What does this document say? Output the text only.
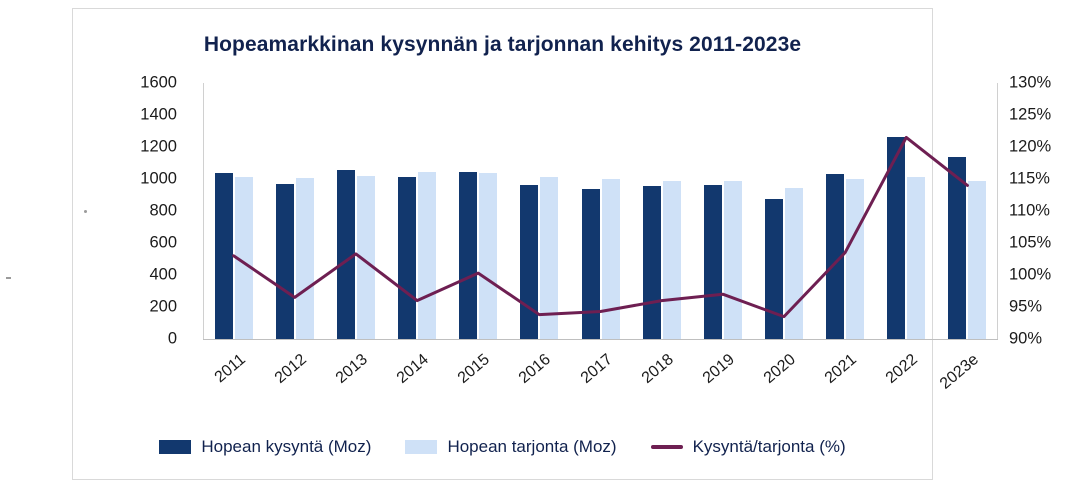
Hopeamarkkinan kysynnän ja tarjonnan kehitys 2011-2023e
0
200
400
600
800
1000
1200
1400
1600
90%
95%
100%
105%
110%
115%
120%
125%
130%
2011	2012	2013	2014	2015	2016	2017	2018	2019	2020	2021	2022	2023e
Hopean kysyntä (Moz)	Hopean tarjonta (Moz)	Kysyntä/tarjonta (%)
